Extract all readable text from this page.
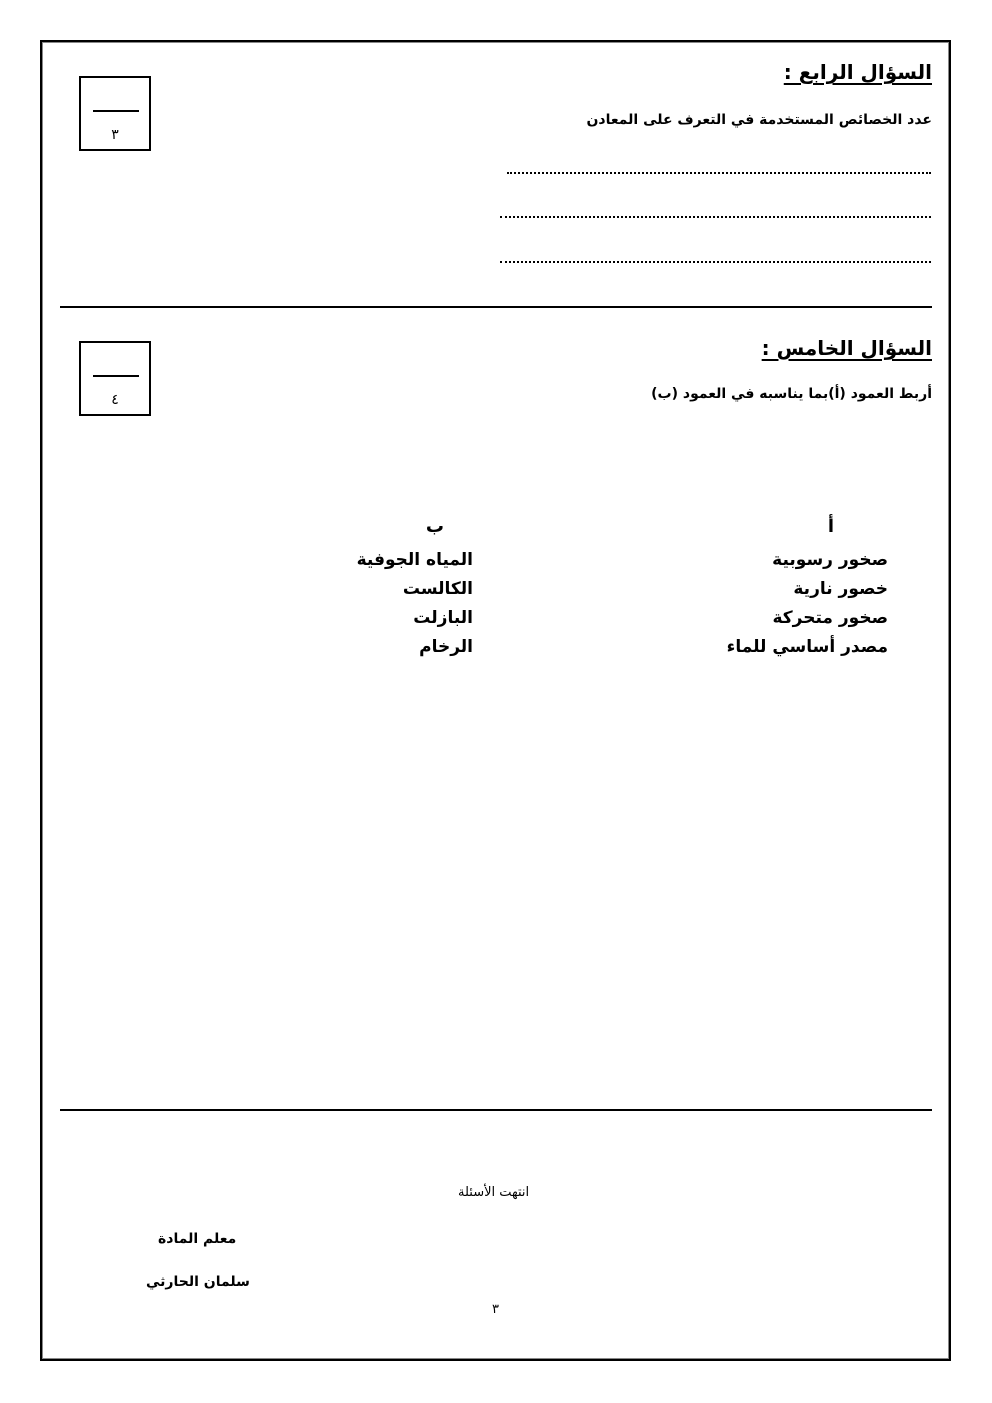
السؤال الرابع :
عدد الخصائص المستخدمة في التعرف على المعادن
٣
السؤال الخامس :
أربط العمود (أ)بما يناسبه في العمود (ب)
٤
أ
صخور رسوبية
خصور نارية
صخور متحركة
مصدر أساسي للماء
ب
المياه الجوفية
الكالست
البازلت
الرخام
انتهت الأسئلة
معلم المادة
سلمان الحارثي
٣
